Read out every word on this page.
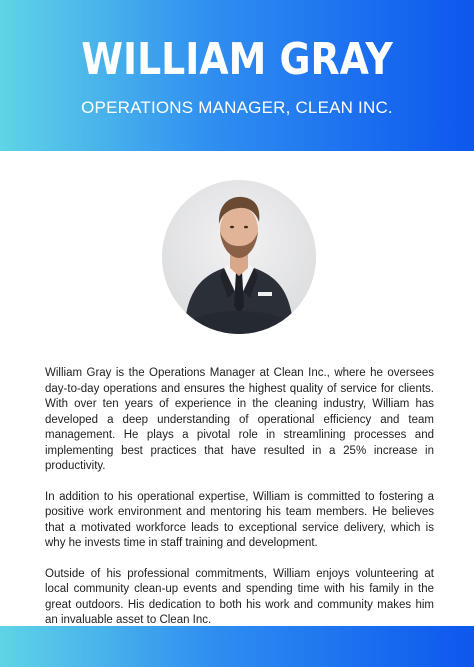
WILLIAM GRAY
OPERATIONS MANAGER, CLEAN INC.

William Gray is the Operations Manager at Clean Inc., where he oversees day-to-day operations and ensures the highest quality of service for clients. With over ten years of experience in the cleaning industry, William has developed a deep understanding of operational efficiency and team management. He plays a pivotal role in streamlining processes and implementing best practices that have resulted in a 25% increase in productivity.

In addition to his operational expertise, William is committed to fostering a positive work environment and mentoring his team members. He believes that a motivated workforce leads to exceptional service delivery, which is why he invests time in staff training and development.

Outside of his professional commitments, William enjoys volunteering at local community clean-up events and spending time with his family in the great outdoors. His dedication to both his work and community makes him an invaluable asset to Clean Inc.
